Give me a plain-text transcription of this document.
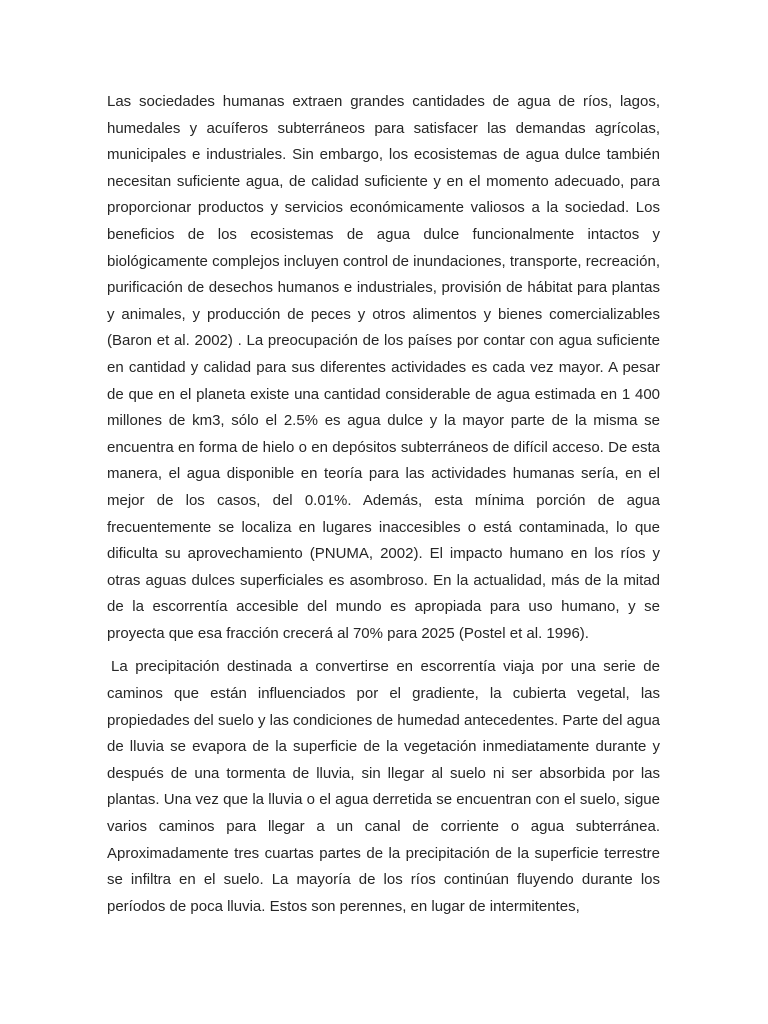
Las sociedades humanas extraen grandes cantidades de agua de ríos, lagos, humedales y acuíferos subterráneos para satisfacer las demandas agrícolas, municipales e industriales. Sin embargo, los ecosistemas de agua dulce también necesitan suficiente agua, de calidad suficiente y en el momento adecuado, para proporcionar productos y servicios económicamente valiosos a la sociedad. Los beneficios de los ecosistemas de agua dulce funcionalmente intactos y biológicamente complejos incluyen control de inundaciones, transporte, recreación, purificación de desechos humanos e industriales, provisión de hábitat para plantas y animales, y producción de peces y otros alimentos y bienes comercializables (Baron et al. 2002) . La preocupación de los países por contar con agua suficiente en cantidad y calidad para sus diferentes actividades es cada vez mayor. A pesar de que en el planeta existe una cantidad considerable de agua estimada en 1 400 millones de km3, sólo el 2.5% es agua dulce y la mayor parte de la misma se encuentra en forma de hielo o en depósitos subterráneos de difícil acceso. De esta manera, el agua disponible en teoría para las actividades humanas sería, en el mejor de los casos, del 0.01%. Además, esta mínima porción de agua frecuentemente se localiza en lugares inaccesibles o está contaminada, lo que dificulta su aprovechamiento (PNUMA, 2002). El impacto humano en los ríos y otras aguas dulces superficiales es asombroso. En la actualidad, más de la mitad de la escorrentía accesible del mundo es apropiada para uso humano, y se proyecta que esa fracción crecerá al 70% para 2025 (Postel et al. 1996).

La precipitación destinada a convertirse en escorrentía viaja por una serie de caminos que están influenciados por el gradiente, la cubierta vegetal, las propiedades del suelo y las condiciones de humedad antecedentes. Parte del agua de lluvia se evapora de la superficie de la vegetación inmediatamente durante y después de una tormenta de lluvia, sin llegar al suelo ni ser absorbida por las plantas. Una vez que la lluvia o el agua derretida se encuentran con el suelo, sigue varios caminos para llegar a un canal de corriente o agua subterránea. Aproximadamente tres cuartas partes de la precipitación de la superficie terrestre se infiltra en el suelo. La mayoría de los ríos continúan fluyendo durante los períodos de poca lluvia. Estos son perennes, en lugar de intermitentes,
